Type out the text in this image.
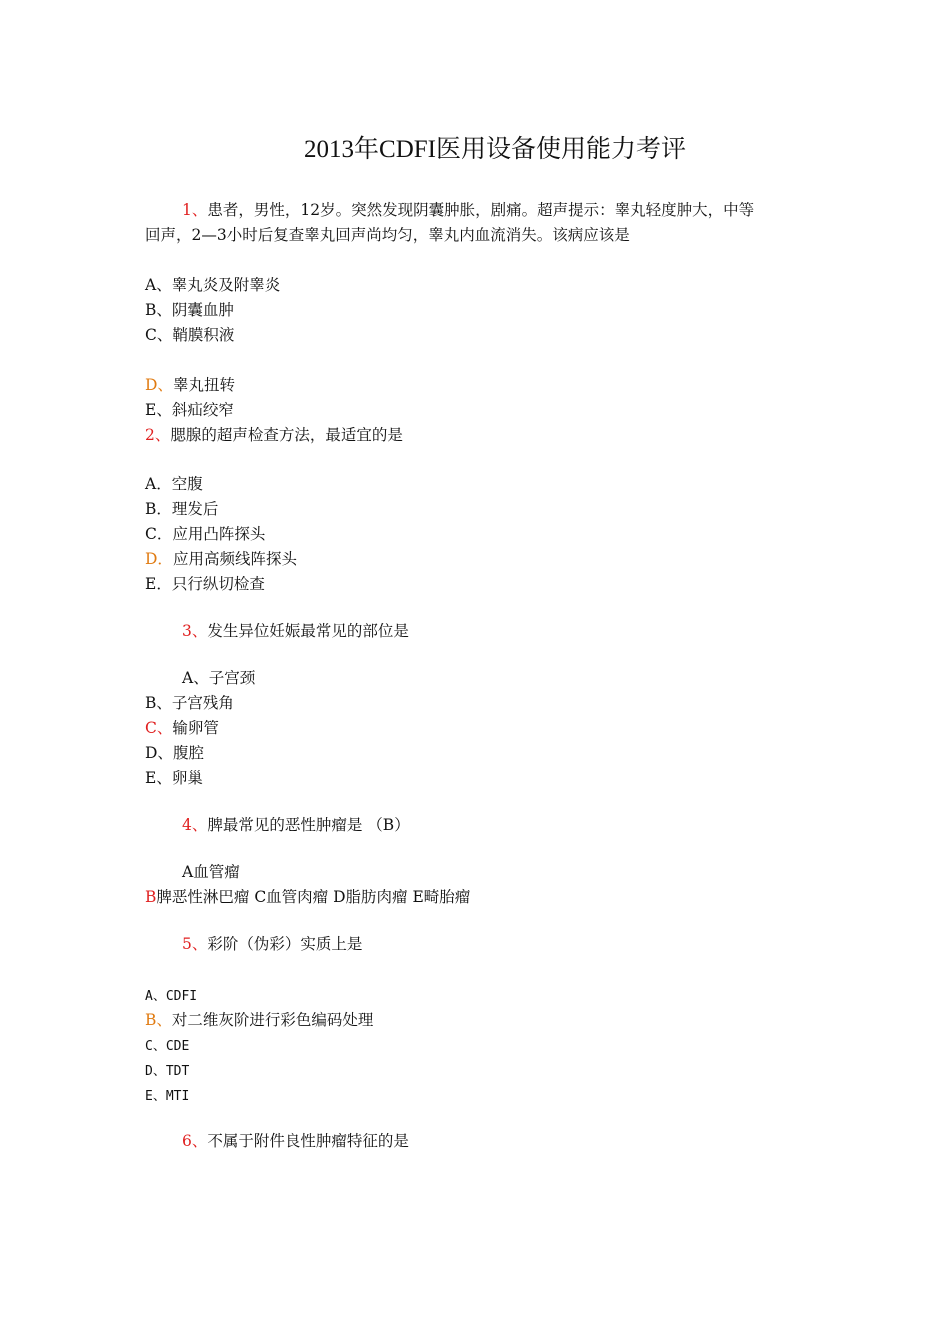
2013年CDFI医用设备使用能力考评
1、患者，男性，12岁。突然发现阴囊肿胀，剧痛。超声提示：睾丸轻度肿大，中等
回声，2—3小时后复查睾丸回声尚均匀，睾丸内血流消失。该病应该是
A、睾丸炎及附睾炎
B、阴囊血肿
C、鞘膜积液
D、睾丸扭转
E、斜疝绞窄
2、腮腺的超声检查方法，最适宜的是
A．空腹
B．理发后
C．应用凸阵探头
D．应用高频线阵探头
E．只行纵切检查
3、发生异位妊娠最常见的部位是
A、子宫颈
B、子宫残角
C、输卵管
D、腹腔
E、卵巢
4、脾最常见的恶性肿瘤是 （B）
A血管瘤
B脾恶性淋巴瘤 C血管肉瘤 D脂肪肉瘤 E畸胎瘤
5、彩阶（伪彩）实质上是
A、CDFI
B、对二维灰阶进行彩色编码处理
C、CDE
D、TDT
E、MTI
6、不属于附件良性肿瘤特征的是
